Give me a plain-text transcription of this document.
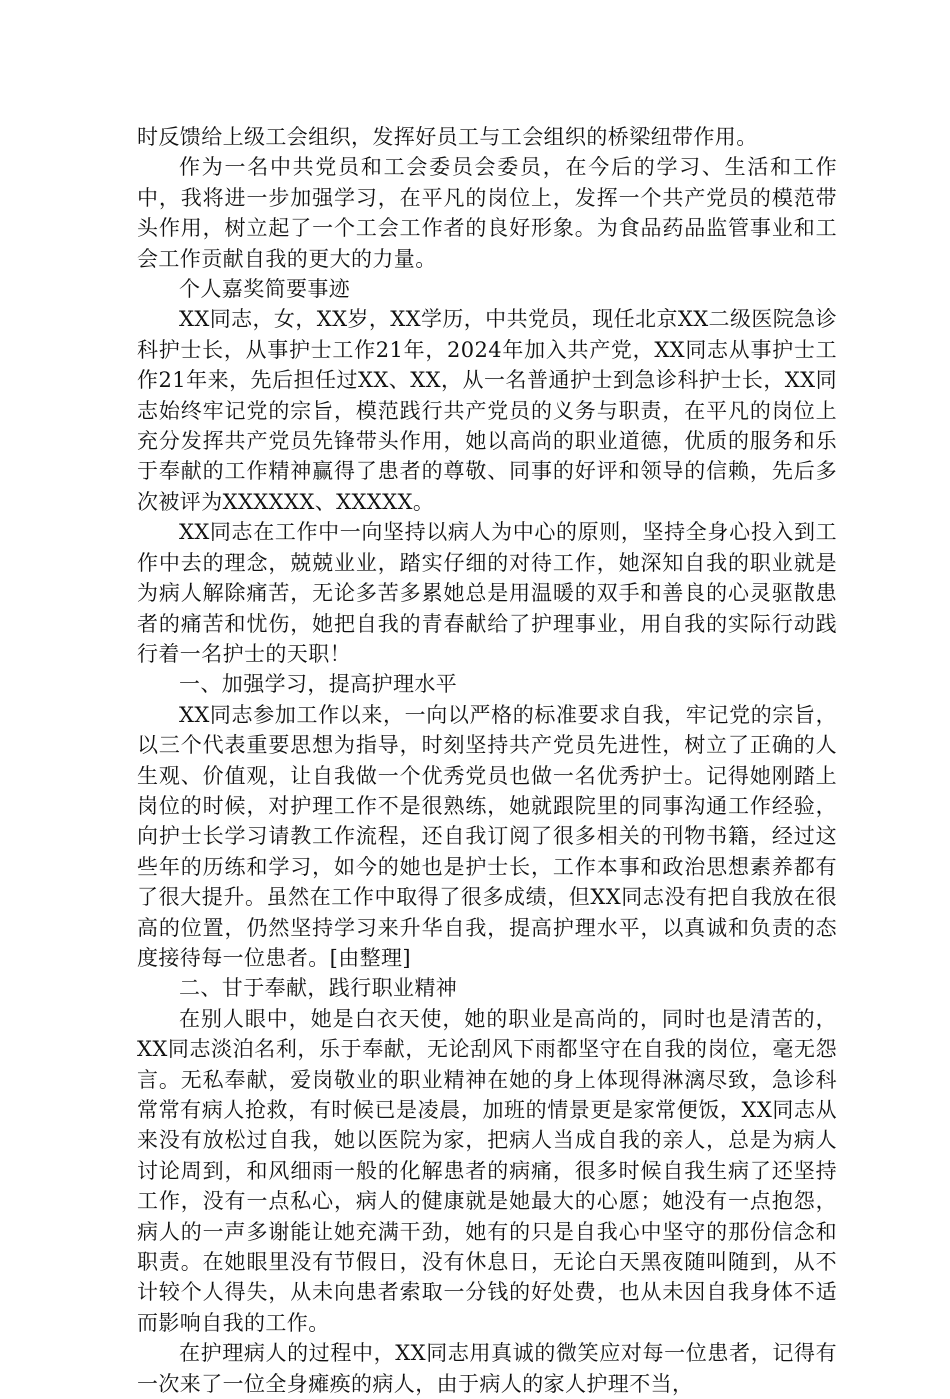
时反馈给上级工会组织，发挥好员工与工会组织的桥梁纽带作用。

作为一名中共党员和工会委员会委员，在今后的学习、生活和工作中，我将进一步加强学习，在平凡的岗位上，发挥一个共产党员的模范带头作用，树立起了一个工会工作者的良好形象。为食品药品监管事业和工会工作贡献自我的更大的力量。

个人嘉奖简要事迹

XX同志，女，XX岁，XX学历，中共党员，现任北京XX二级医院急诊科护士长，从事护士工作21年，2024年加入共产党，XX同志从事护士工作21年来，先后担任过XX、XX，从一名普通护士到急诊科护士长，XX同志始终牢记党的宗旨，模范践行共产党员的义务与职责，在平凡的岗位上充分发挥共产党员先锋带头作用，她以高尚的职业道德，优质的服务和乐于奉献的工作精神赢得了患者的尊敬、同事的好评和领导的信赖，先后多次被评为XXXXXX、XXXXX。

XX同志在工作中一向坚持以病人为中心的原则，坚持全身心投入到工作中去的理念，兢兢业业，踏实仔细的对待工作，她深知自我的职业就是为病人解除痛苦，无论多苦多累她总是用温暖的双手和善良的心灵驱散患者的痛苦和忧伤，她把自我的青春献给了护理事业，用自我的实际行动践行着一名护士的天职！

一、加强学习，提高护理水平

XX同志参加工作以来，一向以严格的标准要求自我，牢记党的宗旨，以三个代表重要思想为指导，时刻坚持共产党员先进性，树立了正确的人生观、价值观，让自我做一个优秀党员也做一名优秀护士。记得她刚踏上岗位的时候，对护理工作不是很熟练，她就跟院里的同事沟通工作经验，向护士长学习请教工作流程，还自我订阅了很多相关的刊物书籍，经过这些年的历练和学习，如今的她也是护士长，工作本事和政治思想素养都有了很大提升。虽然在工作中取得了很多成绩，但XX同志没有把自我放在很高的位置，仍然坚持学习来升华自我，提高护理水平，以真诚和负责的态度接待每一位患者。[由整理]

二、甘于奉献，践行职业精神

在别人眼中，她是白衣天使，她的职业是高尚的，同时也是清苦的，XX同志淡泊名利，乐于奉献，无论刮风下雨都坚守在自我的岗位，毫无怨言。无私奉献，爱岗敬业的职业精神在她的身上体现得淋漓尽致，急诊科常常有病人抢救，有时候已是凌晨，加班的情景更是家常便饭，XX同志从来没有放松过自我，她以医院为家，把病人当成自我的亲人，总是为病人讨论周到，和风细雨一般的化解患者的病痛，很多时候自我生病了还坚持工作，没有一点私心，病人的健康就是她最大的心愿；她没有一点抱怨，病人的一声多谢能让她充满干劲，她有的只是自我心中坚守的那份信念和职责。在她眼里没有节假日，没有休息日，无论白天黑夜随叫随到，从不计较个人得失，从未向患者索取一分钱的好处费，也从未因自我身体不适而影响自我的工作。

在护理病人的过程中，XX同志用真诚的微笑应对每一位患者，记得有一次来了一位全身瘫痪的病人，由于病人的家人护理不当，
